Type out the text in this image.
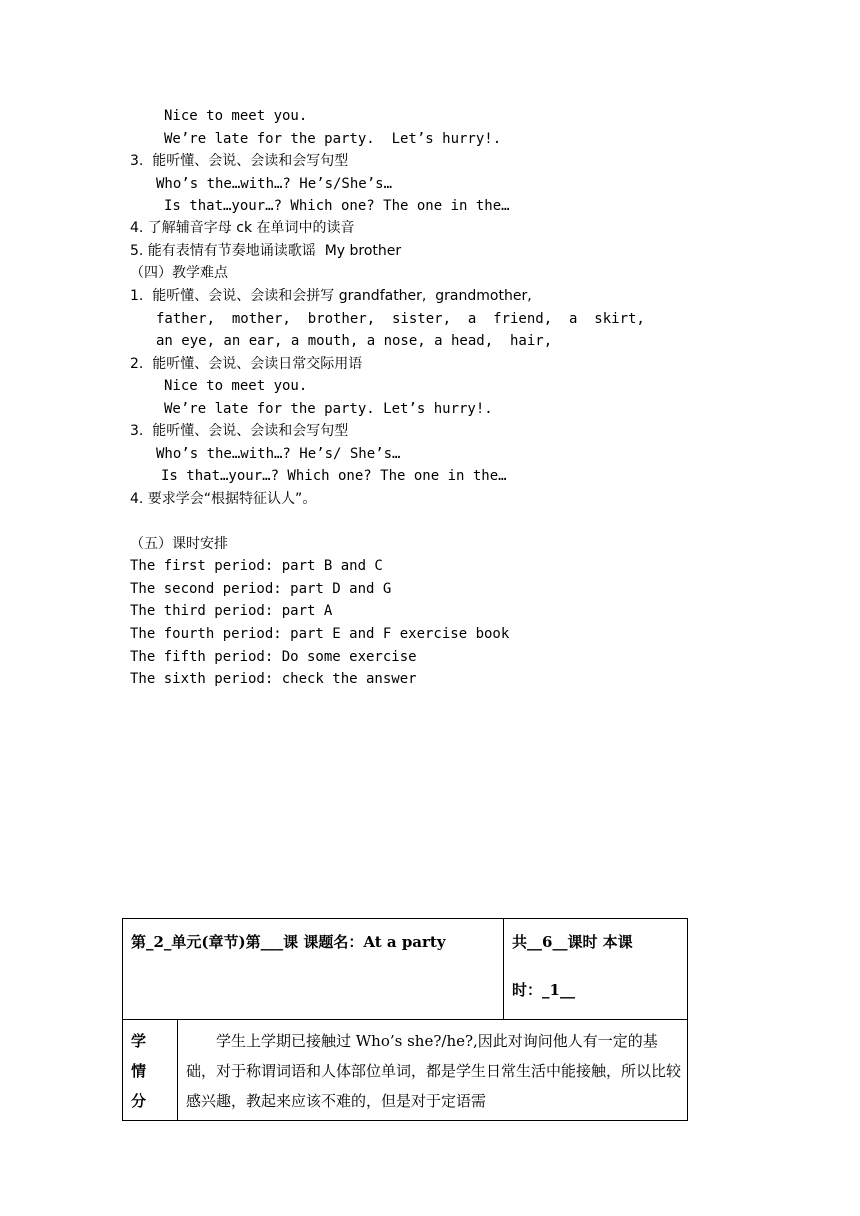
Nice to meet you.
We’re late for the party.  Let’s hurry!.
3.  能听懂、会说、会读和会写句型
Who’s the…with…? He’s/She’s…
Is that…your…? Which one? The one in the…
4. 了解辅音字母 ck 在单词中的读音
5. 能有表情有节奏地诵读歌谣  My brother
（四）教学难点
1.  能听懂、会说、会读和会拼写 grandfather,  grandmother,
father,  mother,  brother,  sister,  a  friend,  a  skirt,
an eye, an ear, a mouth, a nose, a head,  hair,
2.  能听懂、会说、会读日常交际用语
Nice to meet you.
We’re late for the party. Let’s hurry!.
3.  能听懂、会说、会读和会写句型
Who’s the…with…? He’s/ She’s…
Is that…your…? Which one? The one in the…
4. 要求学会“根据特征认人”。
（五）课时安排
The first period: part B and C
The second period: part D and G
The third period: part A
The fourth period: part E and F exercise book
The fifth period: Do some exercise
The sixth period: check the answer
第_2_单元(章节)第___课 课题名：At a party		共__6__课时 本课
时：_1__

学
情
分	学生上学期已接触过 Who’s she?/he?,因此对询问他人有一定的基础，对于称谓词语和人体部位单词，都是学生日常生活中能接触，所以比较感兴趣，教起来应该不难的，但是对于定语需	
